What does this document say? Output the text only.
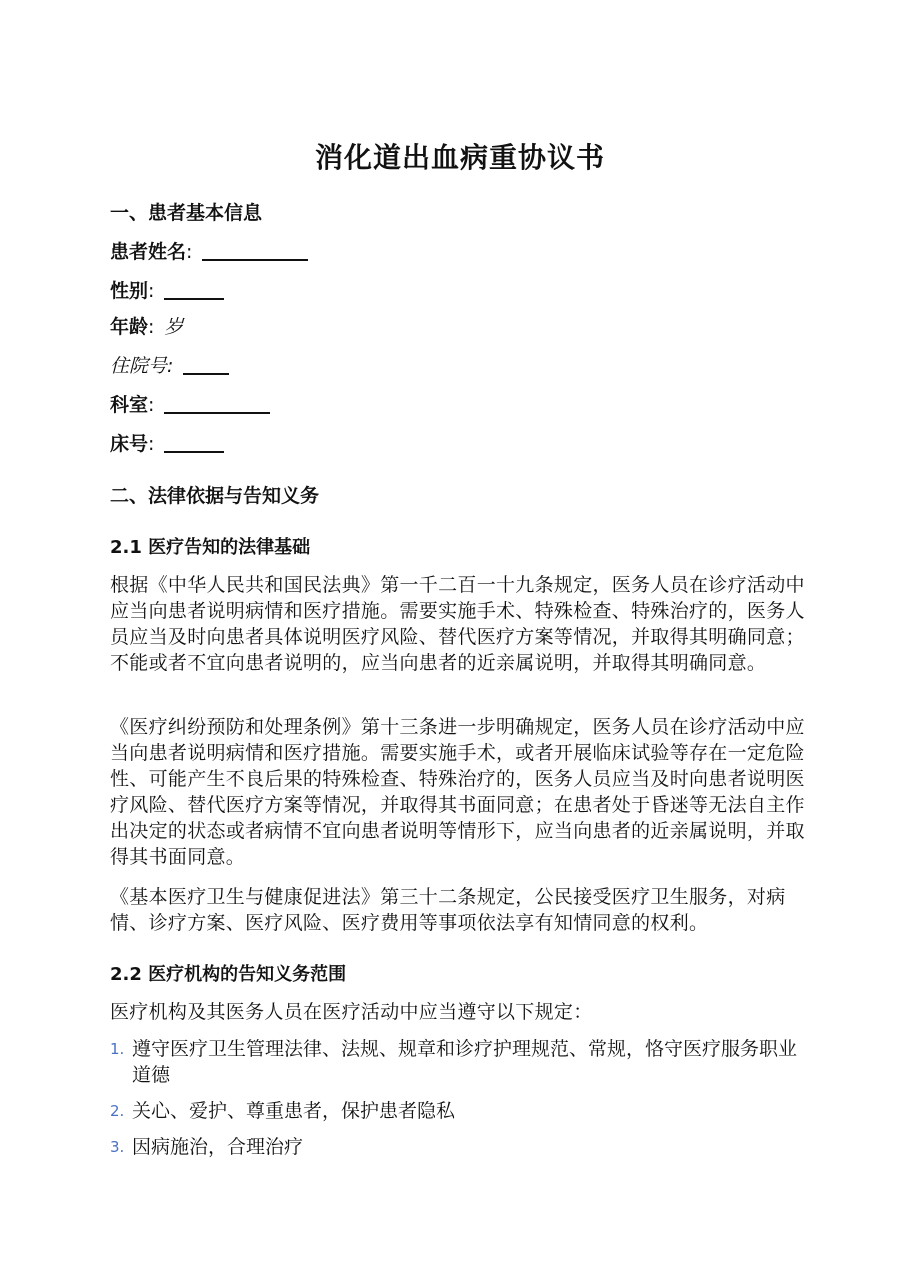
消化道出血病重协议书
一、患者基本信息
患者姓名:
性别:
年龄: 岁
住院号:
科室:
床号:
二、法律依据与告知义务
2.1 医疗告知的法律基础

根据《中华人民共和国民法典》第一千二百一十九条规定，医务人员在诊疗活动中应当向患者说明病情和医疗措施。需要实施手术、特殊检查、特殊治疗的，医务人员应当及时向患者具体说明医疗风险、替代医疗方案等情况，并取得其明确同意；不能或者不宜向患者说明的，应当向患者的近亲属说明，并取得其明确同意。

《医疗纠纷预防和处理条例》第十三条进一步明确规定，医务人员在诊疗活动中应当向患者说明病情和医疗措施。需要实施手术，或者开展临床试验等存在一定危险性、可能产生不良后果的特殊检查、特殊治疗的，医务人员应当及时向患者说明医疗风险、替代医疗方案等情况，并取得其书面同意；在患者处于昏迷等无法自主作出决定的状态或者病情不宜向患者说明等情形下，应当向患者的近亲属说明，并取得其书面同意。

《基本医疗卫生与健康促进法》第三十二条规定，公民接受医疗卫生服务，对病情、诊疗方案、医疗风险、医疗费用等事项依法享有知情同意的权利。

2.2 医疗机构的告知义务范围

医疗机构及其医务人员在医疗活动中应当遵守以下规定：

1. 遵守医疗卫生管理法律、法规、规章和诊疗护理规范、常规，恪守医疗服务职业道德
2. 关心、爱护、尊重患者，保护患者隐私
3. 因病施治，合理治疗
